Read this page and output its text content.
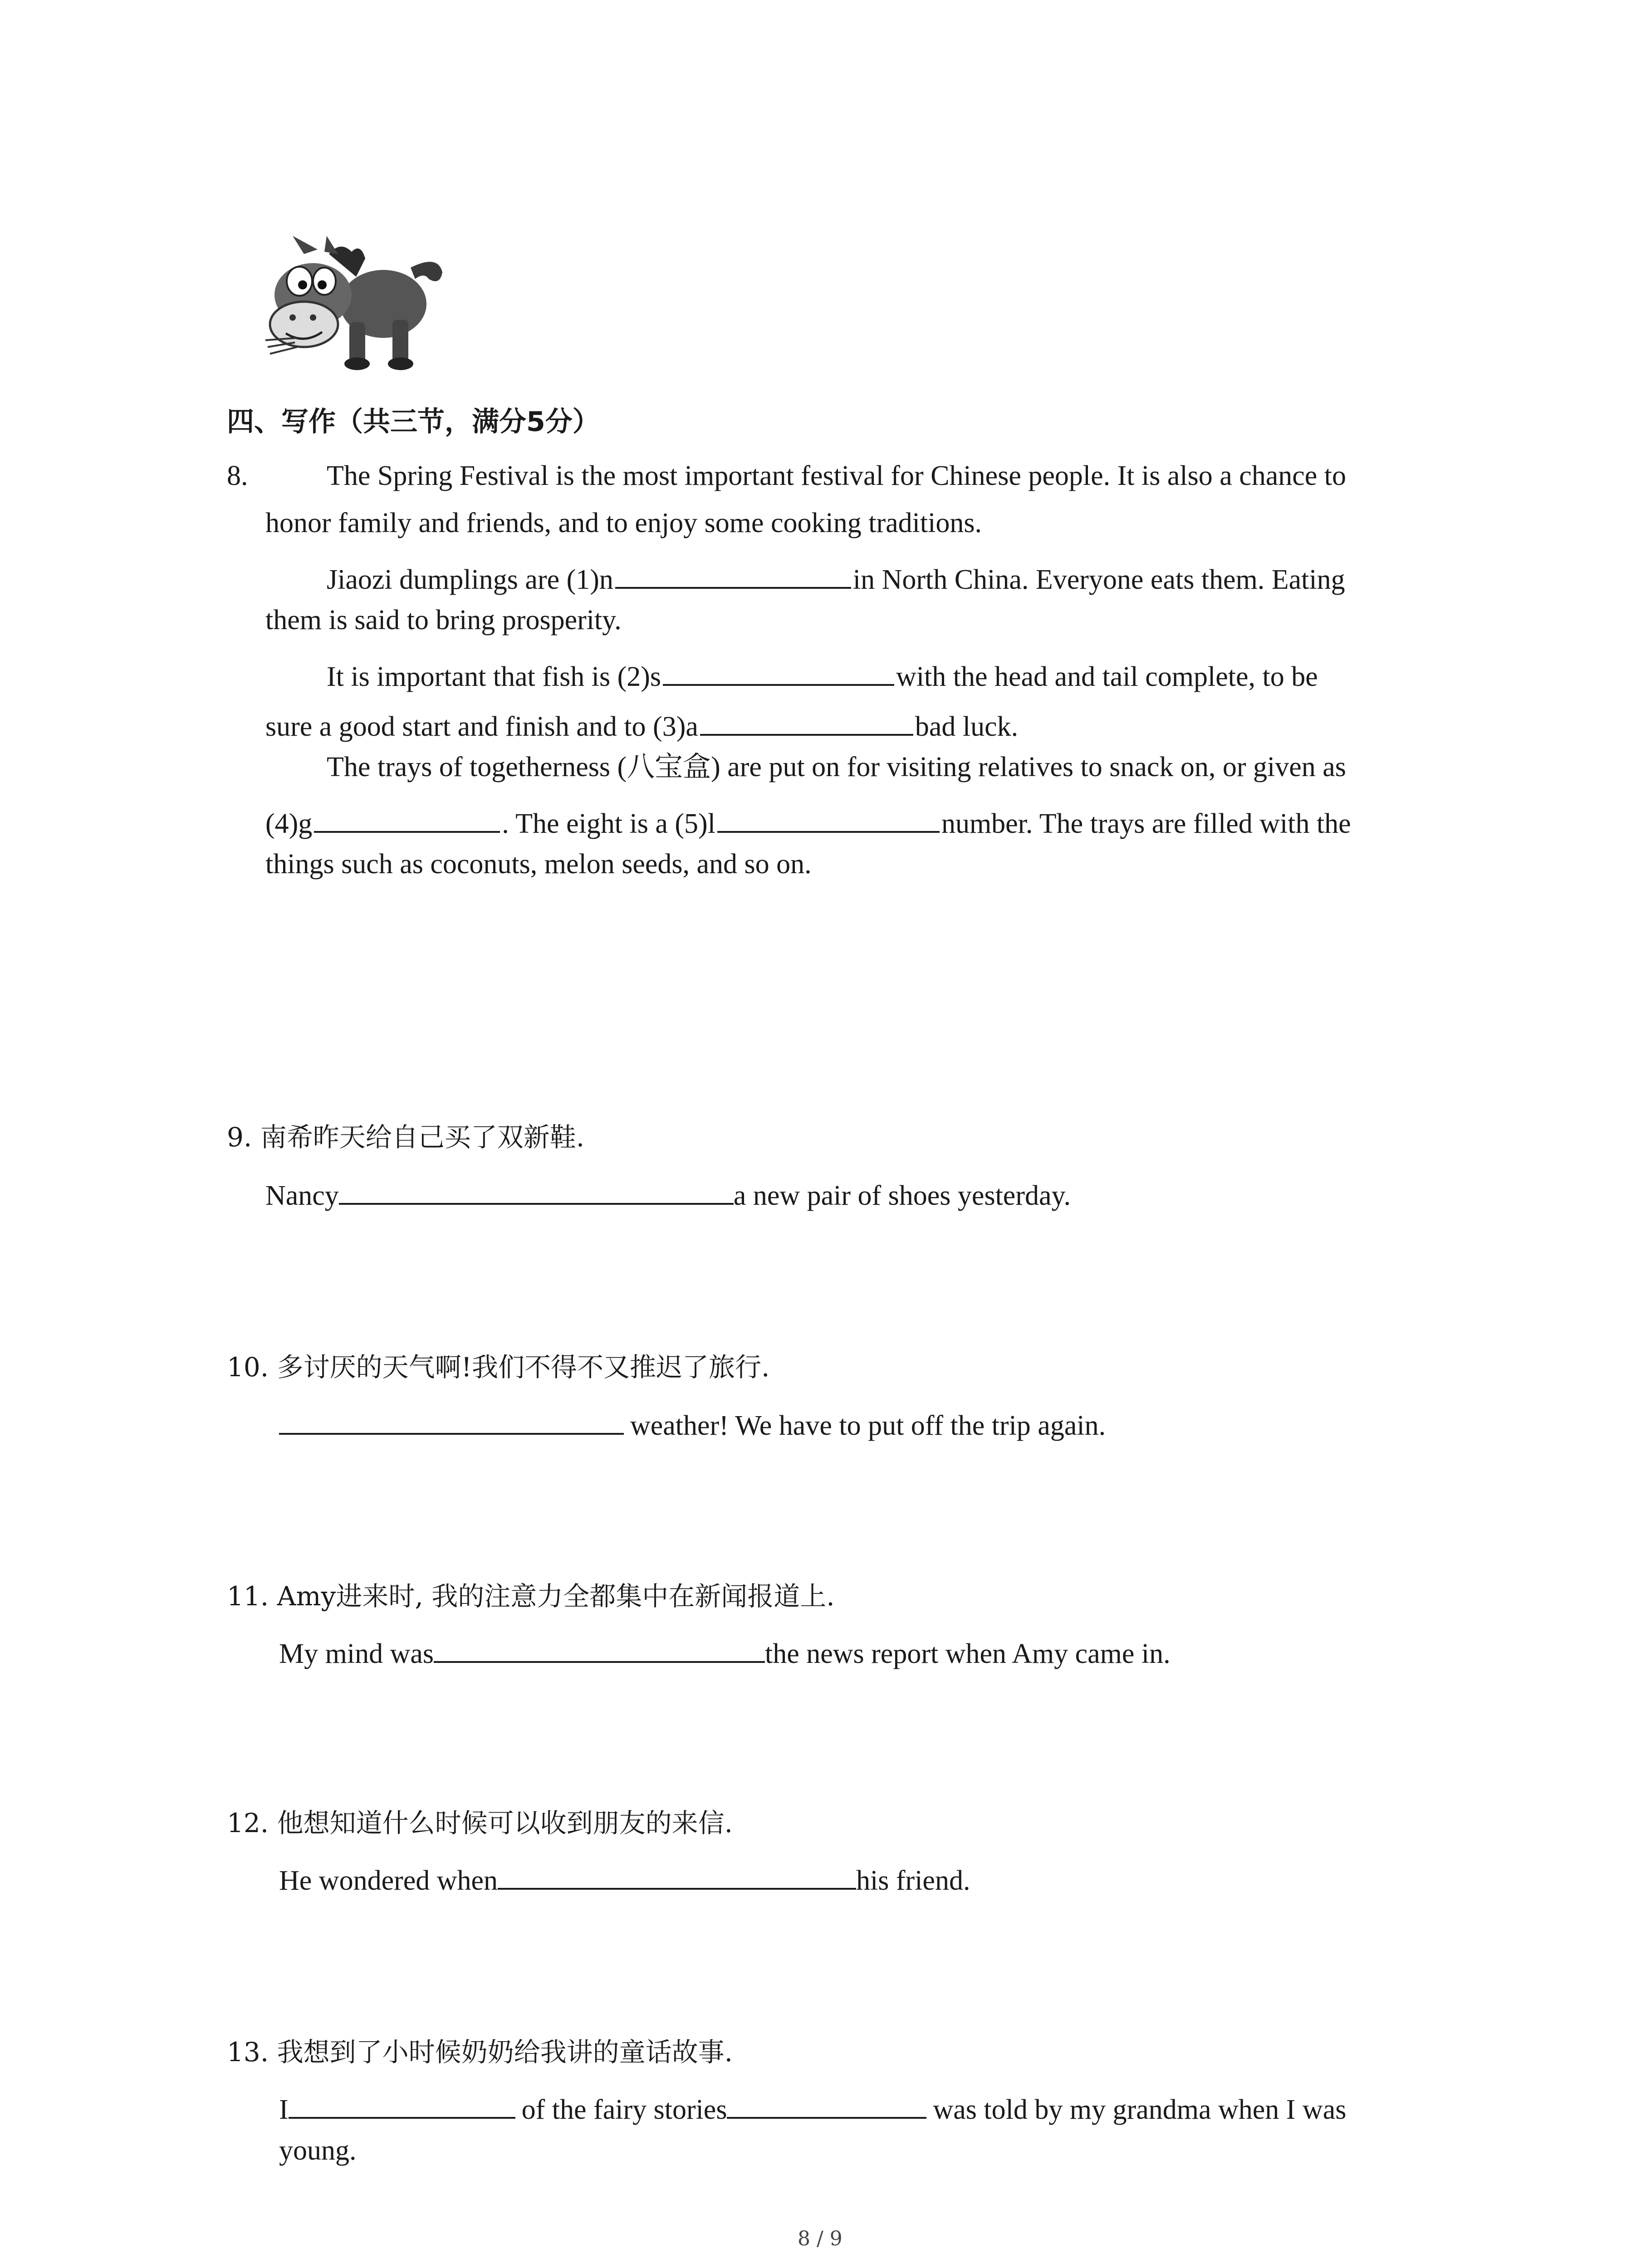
四、写作（共三节，满分5分）
8.	The Spring Festival is the most important festival for Chinese people. It is also a chance to
honor family and friends, and to enjoy some cooking traditions.
Jiaozi dumplings are (1)n	in North China. Everyone eats them. Eating
them is said to bring prosperity.
It is important that fish is (2)s	with the head and tail complete, to be
sure a good start and finish and to (3)a	bad luck.
The trays of togetherness (八宝盒) are put on for visiting relatives to snack on, or given as
(4)g	. The eight is a (5)l	number. The trays are filled with the
things such as coconuts, melon seeds, and so on.
9. 南希昨天给自己买了双新鞋.
Nancy	a new pair of shoes yesterday.
10. 多讨厌的天气啊!我们不得不又推迟了旅行.
weather! We have to put off the trip again.
11. Amy进来时, 我的注意力全都集中在新闻报道上.
My mind was	the news report when Amy came in.
12. 他想知道什么时候可以收到朋友的来信.
He wondered when	his friend.
13. 我想到了小时候奶奶给我讲的童话故事.
I	of the fairy stories	was told by my grandma when I was
young.
8 / 9
